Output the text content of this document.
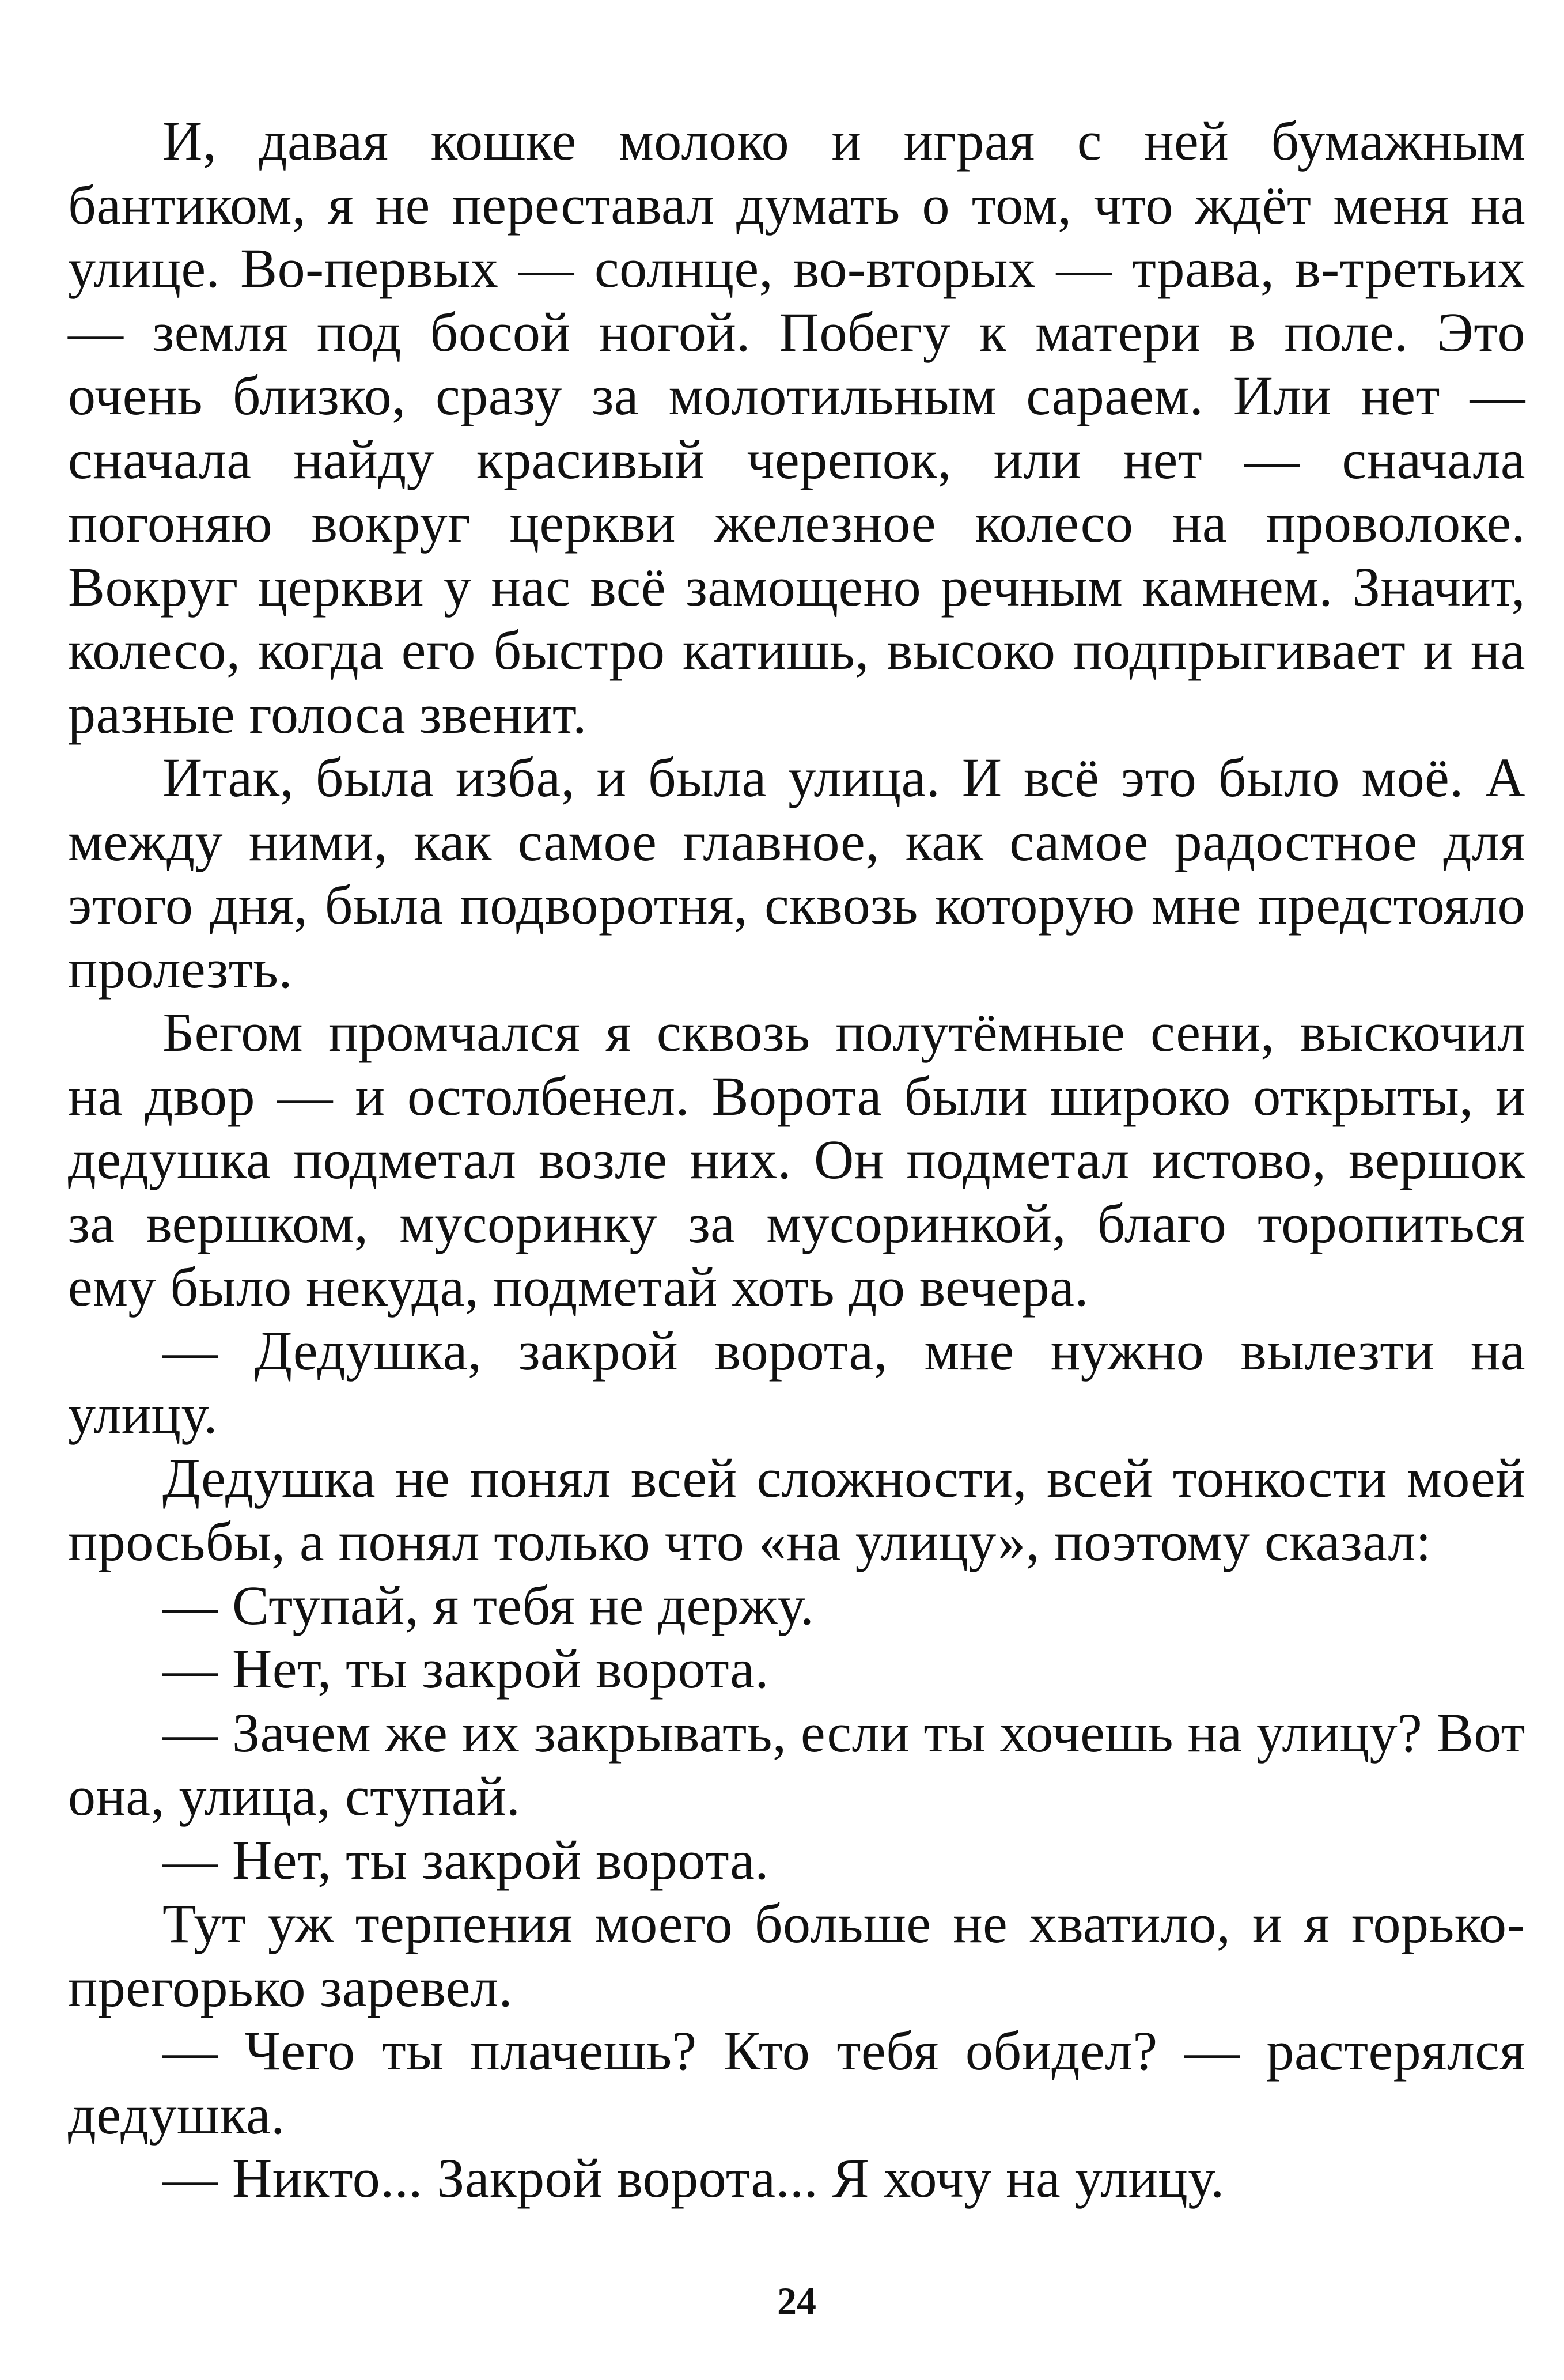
И, давая кошке молоко и играя с ней бумажным бантиком, я не переставал думать о том, что ждёт меня на улице. Во-первых — солнце, во-вторых — трава, в-третьих — земля под босой ногой. Побегу к матери в поле. Это очень близко, сразу за молотильным сараем. Или нет — сначала найду красивый черепок, или нет — сначала погоняю вокруг церкви железное колесо на проволоке. Вокруг церкви у нас всё замощено речным камнем. Значит, колесо, когда его быстро катишь, высоко подпрыгивает и на разные голоса звенит.

Итак, была изба, и была улица. И всё это было моё. А между ними, как самое главное, как самое радостное для этого дня, была подворотня, сквозь которую мне предстояло пролезть.

Бегом промчался я сквозь полутёмные сени, выскочил на двор — и остолбенел. Ворота были широко открыты, и дедушка подметал возле них. Он подметал истово, вершок за вершком, мусоринку за мусоринкой, благо торопиться ему было некуда, подметай хоть до вечера.

— Дедушка, закрой ворота, мне нужно вылезти на улицу.

Дедушка не понял всей сложности, всей тонкости моей просьбы, а понял только что «на улицу», поэтому сказал:

— Ступай, я тебя не держу.

— Нет, ты закрой ворота.

— Зачем же их закрывать, если ты хочешь на улицу? Вот она, улица, ступай.

— Нет, ты закрой ворота.

Тут уж терпения моего больше не хватило, и я горько-прегорько заревел.

— Чего ты плачешь? Кто тебя обидел? — растерялся дедушка.

— Никто... Закрой ворота... Я хочу на улицу.

24
